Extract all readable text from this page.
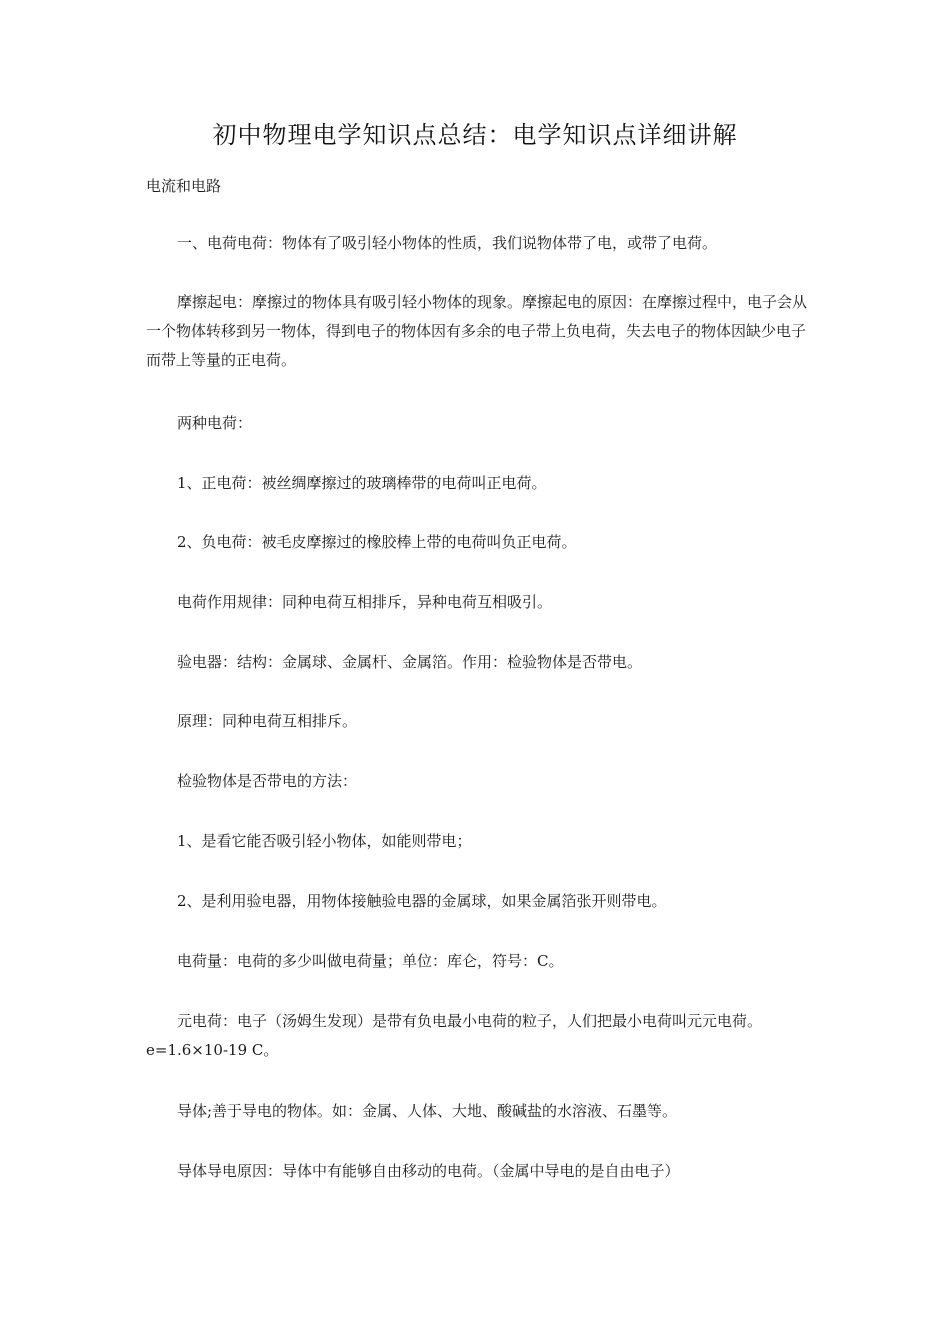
初中物理电学知识点总结：电学知识点详细讲解
电流和电路

一、电荷电荷：物体有了吸引轻小物体的性质，我们说物体带了电，或带了电荷。

摩擦起电：摩擦过的物体具有吸引轻小物体的现象。摩擦起电的原因：在摩擦过程中，电子会从一个物体转移到另一物体，得到电子的物体因有多余的电子带上负电荷，失去电子的物体因缺少电子而带上等量的正电荷。

两种电荷：

1、正电荷：被丝绸摩擦过的玻璃棒带的电荷叫正电荷。

2、负电荷：被毛皮摩擦过的橡胶棒上带的电荷叫负正电荷。

电荷作用规律：同种电荷互相排斥，异种电荷互相吸引。

验电器：结构：金属球、金属杆、金属箔。作用：检验物体是否带电。

原理：同种电荷互相排斥。

检验物体是否带电的方法：

1、是看它能否吸引轻小物体，如能则带电；

2、是利用验电器，用物体接触验电器的金属球，如果金属箔张开则带电。

电荷量：电荷的多少叫做电荷量；单位：库仑，符号：C。

元电荷：电子（汤姆生发现）是带有负电最小电荷的粒子，人们把最小电荷叫元元电荷。e=1.6×10-19 C。

导体;善于导电的物体。如：金属、人体、大地、酸碱盐的水溶液、石墨等。

导体导电原因：导体中有能够自由移动的电荷。（金属中导电的是自由电子）
